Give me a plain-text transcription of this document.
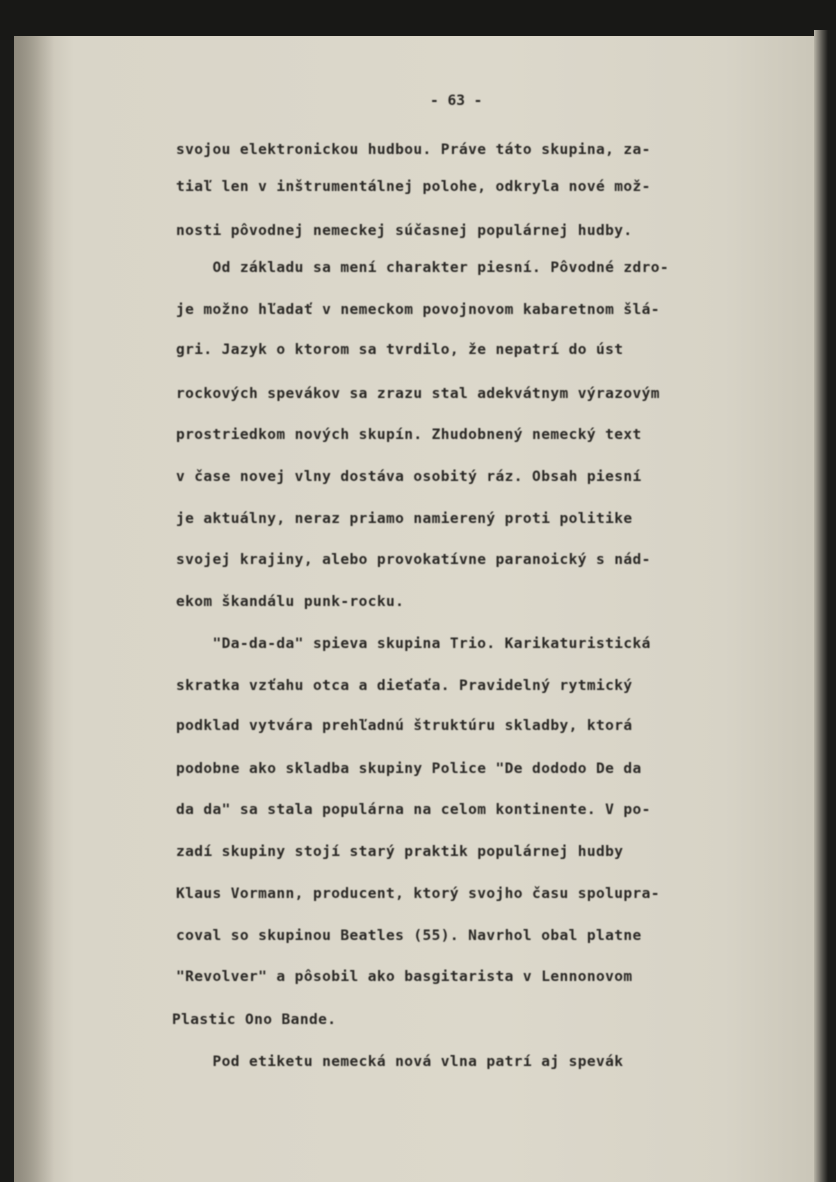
- 63 -

svojou elektronickou hudbou. Práve táto skupina, za-

tiaľ len v inštrumentálnej polohe, odkryla nové mož-

nosti pôvodnej nemeckej súčasnej populárnej hudby.

Od základu sa mení charakter piesní. Pôvodné zdro-

je možno hľadať v nemeckom povojnovom kabaretnom šlá-

gri. Jazyk o ktorom sa tvrdilo, že nepatrí do úst

rockových spevákov sa zrazu stal adekvátnym výrazovým

prostriedkom nových skupín. Zhudobnený nemecký text

v čase novej vlny dostáva osobitý ráz. Obsah piesní

je aktuálny, neraz priamo namierený proti politike

svojej krajiny, alebo provokatívne paranoický s nád-

ekom škandálu punk-rocku.

"Da-da-da" spieva skupina Trio. Karikaturistická

skratka vzťahu otca a dieťaťa. Pravidelný rytmický

podklad vytvára prehľadnú štruktúru skladby, ktorá

podobne ako skladba skupiny Police "De dododo De da

da da" sa stala populárna na celom kontinente. V po-

zadí skupiny stojí starý praktik populárnej hudby

Klaus Vormann, producent, ktorý svojho času spolupra-

coval so skupinou Beatles (55). Navrhol obal platne

"Revolver" a pôsobil ako basgitarista v Lennonovom

Plastic Ono Bande.

Pod etiketu nemecká nová vlna patrí aj spevák
